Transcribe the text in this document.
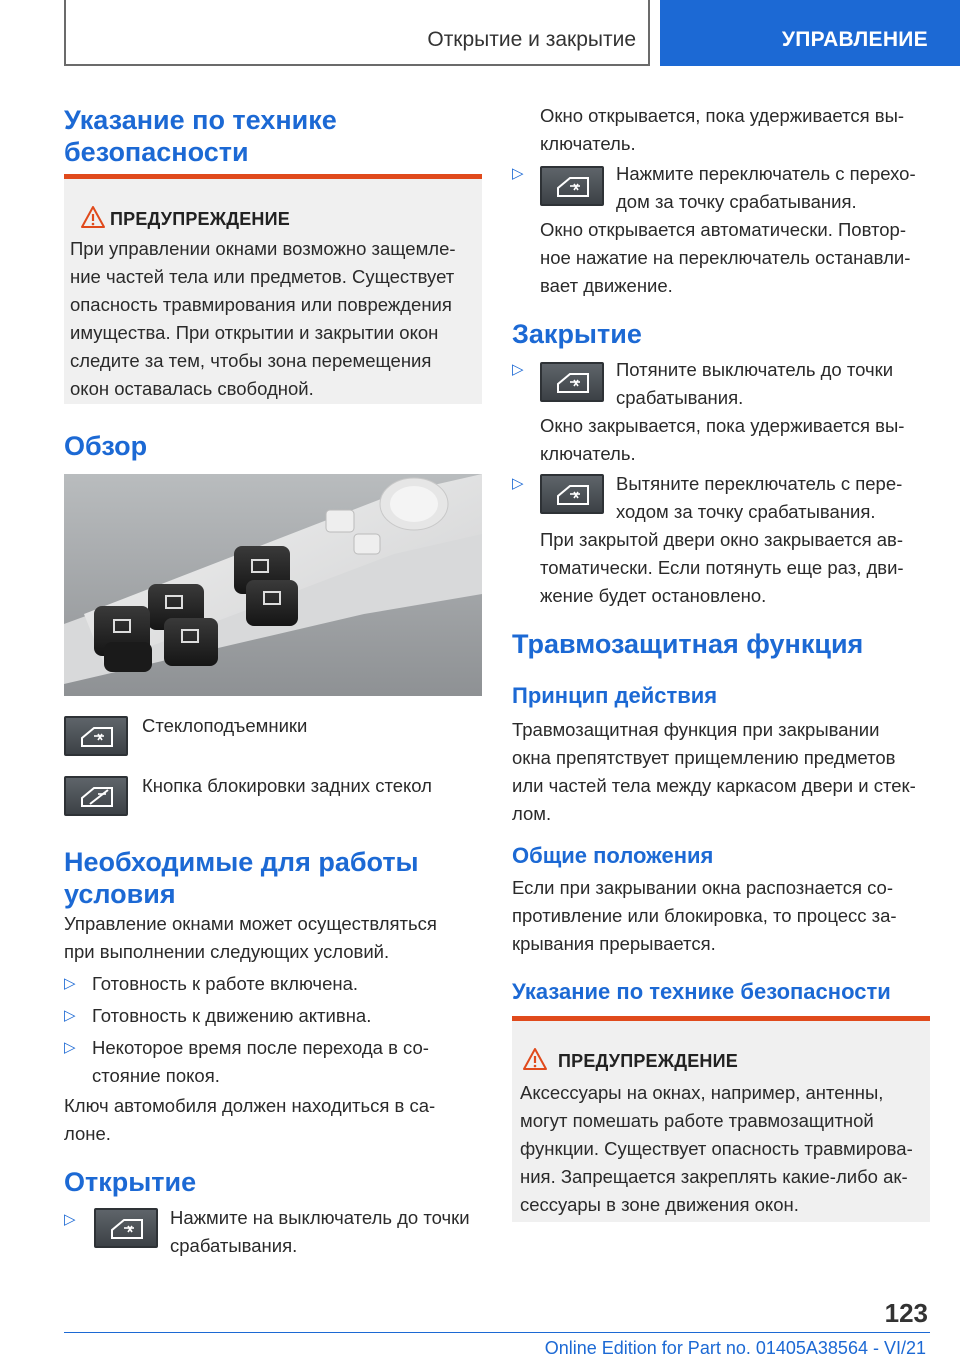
Открытие и закрытие	УПРАВЛЕНИЕ
Указание по технике
безопасности
ПРЕДУПРЕЖДЕНИЕ
При управлении окнами возможно защемле-
ние частей тела или предметов. Существует
опасность травмирования или повреждения
имущества. При открытии и закрытии окон
следите за тем, чтобы зона перемещения
окон оставалась свободной.
Обзор
Стеклоподъемники
Кнопка блокировки задних стекол
Необходимые для работы
условия
Управление окнами может осуществляться
при выполнении следующих условий.
▷ Готовность к работе включена.
▷ Готовность к движению активна.
▷ Некоторое время после перехода в со-
стояние покоя.
Ключ автомобиля должен находиться в са-
лоне.
Открытие
▷	Нажмите на выключатель до точки
срабатывания.
Окно открывается, пока удерживается вы-
ключатель.
▷	Нажмите переключатель с перехо-
дом за точку срабатывания.
Окно открывается автоматически. Повтор-
ное нажатие на переключатель останавли-
вает движение.
Закрытие
▷	Потяните выключатель до точки
срабатывания.
Окно закрывается, пока удерживается вы-
ключатель.
▷	Вытяните переключатель с пере-
ходом за точку срабатывания.
При закрытой двери окно закрывается ав-
томатически. Если потянуть еще раз, дви-
жение будет остановлено.
Травмозащитная функция
Принцип действия
Травмозащитная функция при закрывании
окна препятствует прищемлению предметов
или частей тела между каркасом двери и стек-
лом.
Общие положения
Если при закрывании окна распознается со-
противление или блокировка, то процесс за-
крывания прерывается.
Указание по технике безопасности
ПРЕДУПРЕЖДЕНИЕ
Аксессуары на окнах, например, антенны,
могут помешать работе травмозащитной
функции. Существует опасность травмирова-
ния. Запрещается закреплять какие-либо ак-
сессуары в зоне движения окон.
123
Online Edition for Part no. 01405A38564 - VI/21
